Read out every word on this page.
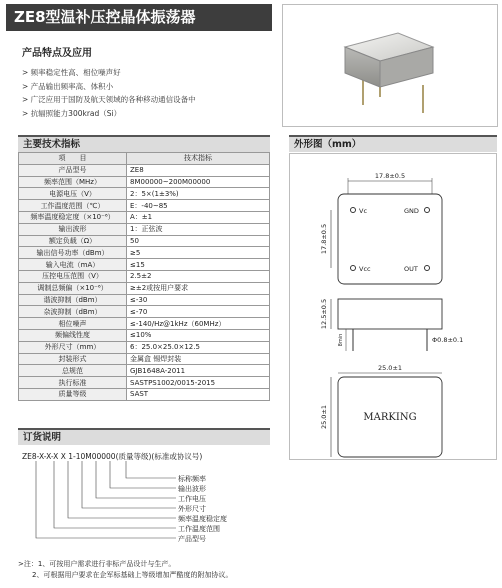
ZE8型温补压控晶体振荡器
产品特点及应用
> 频率稳定性高、相位噪声好
> 产品输出频率高、体积小
> 广泛应用于国防及航天领域的各种移动通信设备中
> 抗辐照能力300krad（Si）
主要技术指标
项　　目	技术指标
产品型号	ZE8
频率范围（MHz）	8M00000~200M00000
电源电压（V）	2：5×(1±3%)
工作温度范围（℃）	E：-40~85
频率温度稳定度（×10⁻⁶）	A：±1
输出波形	1：正弦波
额定负载（Ω）	50
输出信号功率（dBm）	≥5
输入电流（mA）	≤15
压控电压范围（V）	2.5±2
调制总频偏（×10⁻⁶）	≥±2或按用户要求
谐波抑制（dBm）	≤-30
杂波抑制（dBm）	≤-70
相位噪声	≤-140/Hz@1kHz（60MHz）
频偏线性度	≤10%
外形尺寸（mm）	6：25.0×25.0×12.5
封装形式	金属盒 锡焊封装
总规范	GJB1648A-2011
执行标准	SASTPS1002/0015-2015
质量等级	SAST
外形图（mm）
17.8±0.5
17.8±0.5
Vc	GND
Vcc	OUT
12.5±0.5
8min	Φ0.8±0.1
25.0±1
25.0±1	MARKING
订货说明
ZE8-X-X-X X 1-10M00000(质量等级)(标准或协议号)
标称频率
输出波形
工作电压
外形尺寸
频率温度稳定度
工作温度范围
产品型号
>注：1、可按用户需求进行非标产品设计与生产。
　　2、可根据用户要求在企军标基础上等级增加严酷度的附加协议。
